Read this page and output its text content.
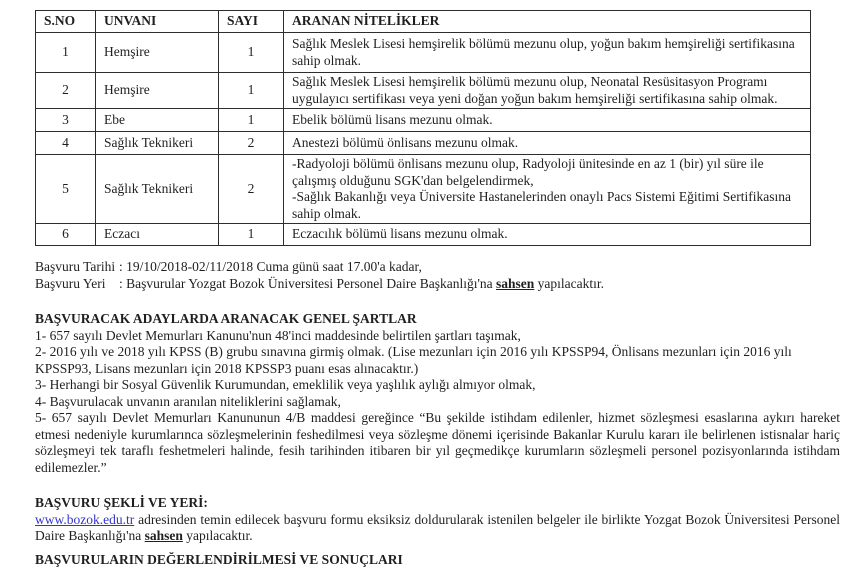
S.NO	UNVANI	SAYI	ARANAN NİTELİKLER
1	Hemşire	1	Sağlık Meslek Lisesi hemşirelik bölümü mezunu olup, yoğun bakım hemşireliği sertifikasına sahip olmak.
2	Hemşire	1	Sağlık Meslek Lisesi hemşirelik bölümü mezunu olup, Neonatal Resüsitasyon Programı uygulayıcı sertifikası veya yeni doğan yoğun bakım hemşireliği sertifikasına sahip olmak.
3	Ebe	1	Ebelik bölümü lisans mezunu olmak.
4	Sağlık Teknikeri	2	Anestezi bölümü önlisans mezunu olmak.
5	Sağlık Teknikeri	2	-Radyoloji bölümü önlisans mezunu olup, Radyoloji ünitesinde en az 1 (bir) yıl süre ile çalışmış olduğunu SGK'dan belgelendirmek,
-Sağlık Bakanlığı veya Üniversite Hastanelerinden onaylı Pacs Sistemi Eğitimi Sertifikasına sahip olmak.

6	Eczacı	1	Eczacılık bölümü lisans mezunu olmak.
Başvuru Tarihi : 19/10/2018-02/11/2018 Cuma günü saat 17.00'a kadar,
Başvuru Yeri : Başvurular Yozgat Bozok Üniversitesi Personel Daire Başkanlığı'na sahsen yapılacaktır.
BAŞVURACAK ADAYLARDA ARANACAK GENEL ŞARTLAR
1- 657 sayılı Devlet Memurları Kanunu'nun 48'inci maddesinde belirtilen şartları taşımak,
2- 2016 yılı ve 2018 yılı KPSS (B) grubu sınavına girmiş olmak. (Lise mezunları için 2016 yılı KPSSP94, Önlisans mezunları için 2016 yılı KPSSP93, Lisans mezunları için 2018 KPSSP3 puanı esas alınacaktır.)
3- Herhangi bir Sosyal Güvenlik Kurumundan, emeklilik veya yaşlılık aylığı almıyor olmak,
4- Başvurulacak unvanın aranılan niteliklerini sağlamak,
5- 657 sayılı Devlet Memurları Kanununun 4/B maddesi gereğince “Bu şekilde istihdam edilenler, hizmet sözleşmesi esaslarına aykırı hareket etmesi nedeniyle kurumlarınca sözleşmelerinin feshedilmesi veya sözleşme dönemi içerisinde Bakanlar Kurulu kararı ile belirlenen istisnalar hariç sözleşmeyi tek taraflı feshetmeleri halinde, fesih tarihinden itibaren bir yıl geçmedikçe kurumların sözleşmeli personel pozisyonlarında istihdam edilemezler.”
BAŞVURU ŞEKLİ VE YERİ:
www.bozok.edu.tr adresinden temin edilecek başvuru formu eksiksiz doldurularak istenilen belgeler ile birlikte Yozgat Bozok Üniversitesi Personel Daire Başkanlığı'na sahsen yapılacaktır.
BAŞVURULARIN DEĞERLENDİRİLMESİ VE SONUÇLARI
